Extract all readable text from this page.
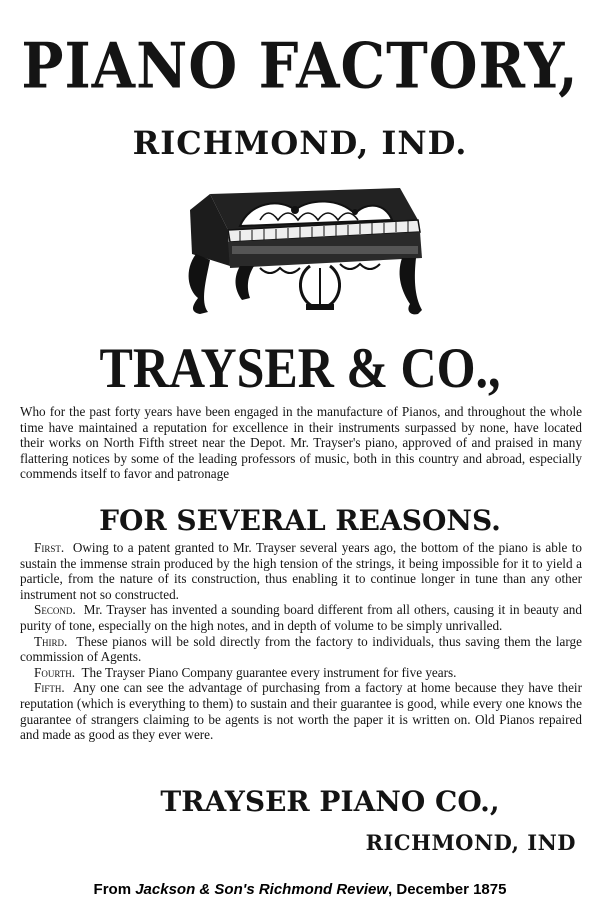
PIANO FACTORY,
RICHMOND, IND.
TRAYSER & CO.,

Who for the past forty years have been engaged in the manufacture of Pianos, and throughout the whole time have maintained a reputation for excellence in their instruments surpassed by none, have located their works on North Fifth street near the Depot. Mr. Trayser's piano, approved of and praised in many flattering notices by some of the leading professors of music, both in this country and abroad, especially commends itself to favor and patronage

FOR SEVERAL REASONS.

First. Owing to a patent granted to Mr. Trayser several years ago, the bottom of the piano is able to sustain the immense strain produced by the high tension of the strings, it being impossible for it to yield a particle, from the nature of its construction, thus enabling it to continue longer in tune than any other instrument not so constructed.

Second. Mr. Trayser has invented a sounding board different from all others, causing it in beauty and purity of tone, especially on the high notes, and in depth of volume to be simply unrivalled.

Third. These pianos will be sold directly from the factory to individuals, thus saving them the large commission of Agents.

Fourth. The Trayser Piano Company guarantee every instrument for five years.

Fifth. Any one can see the advantage of purchasing from a factory at home because they have their reputation (which is everything to them) to sustain and their guarantee is good, while every one knows the guarantee of strangers claiming to be agents is not worth the paper it is written on. Old Pianos repaired and made as good as they ever were.

TRAYSER PIANO CO.,
RICHMOND, IND
From Jackson & Son's Richmond Review, December 1875
